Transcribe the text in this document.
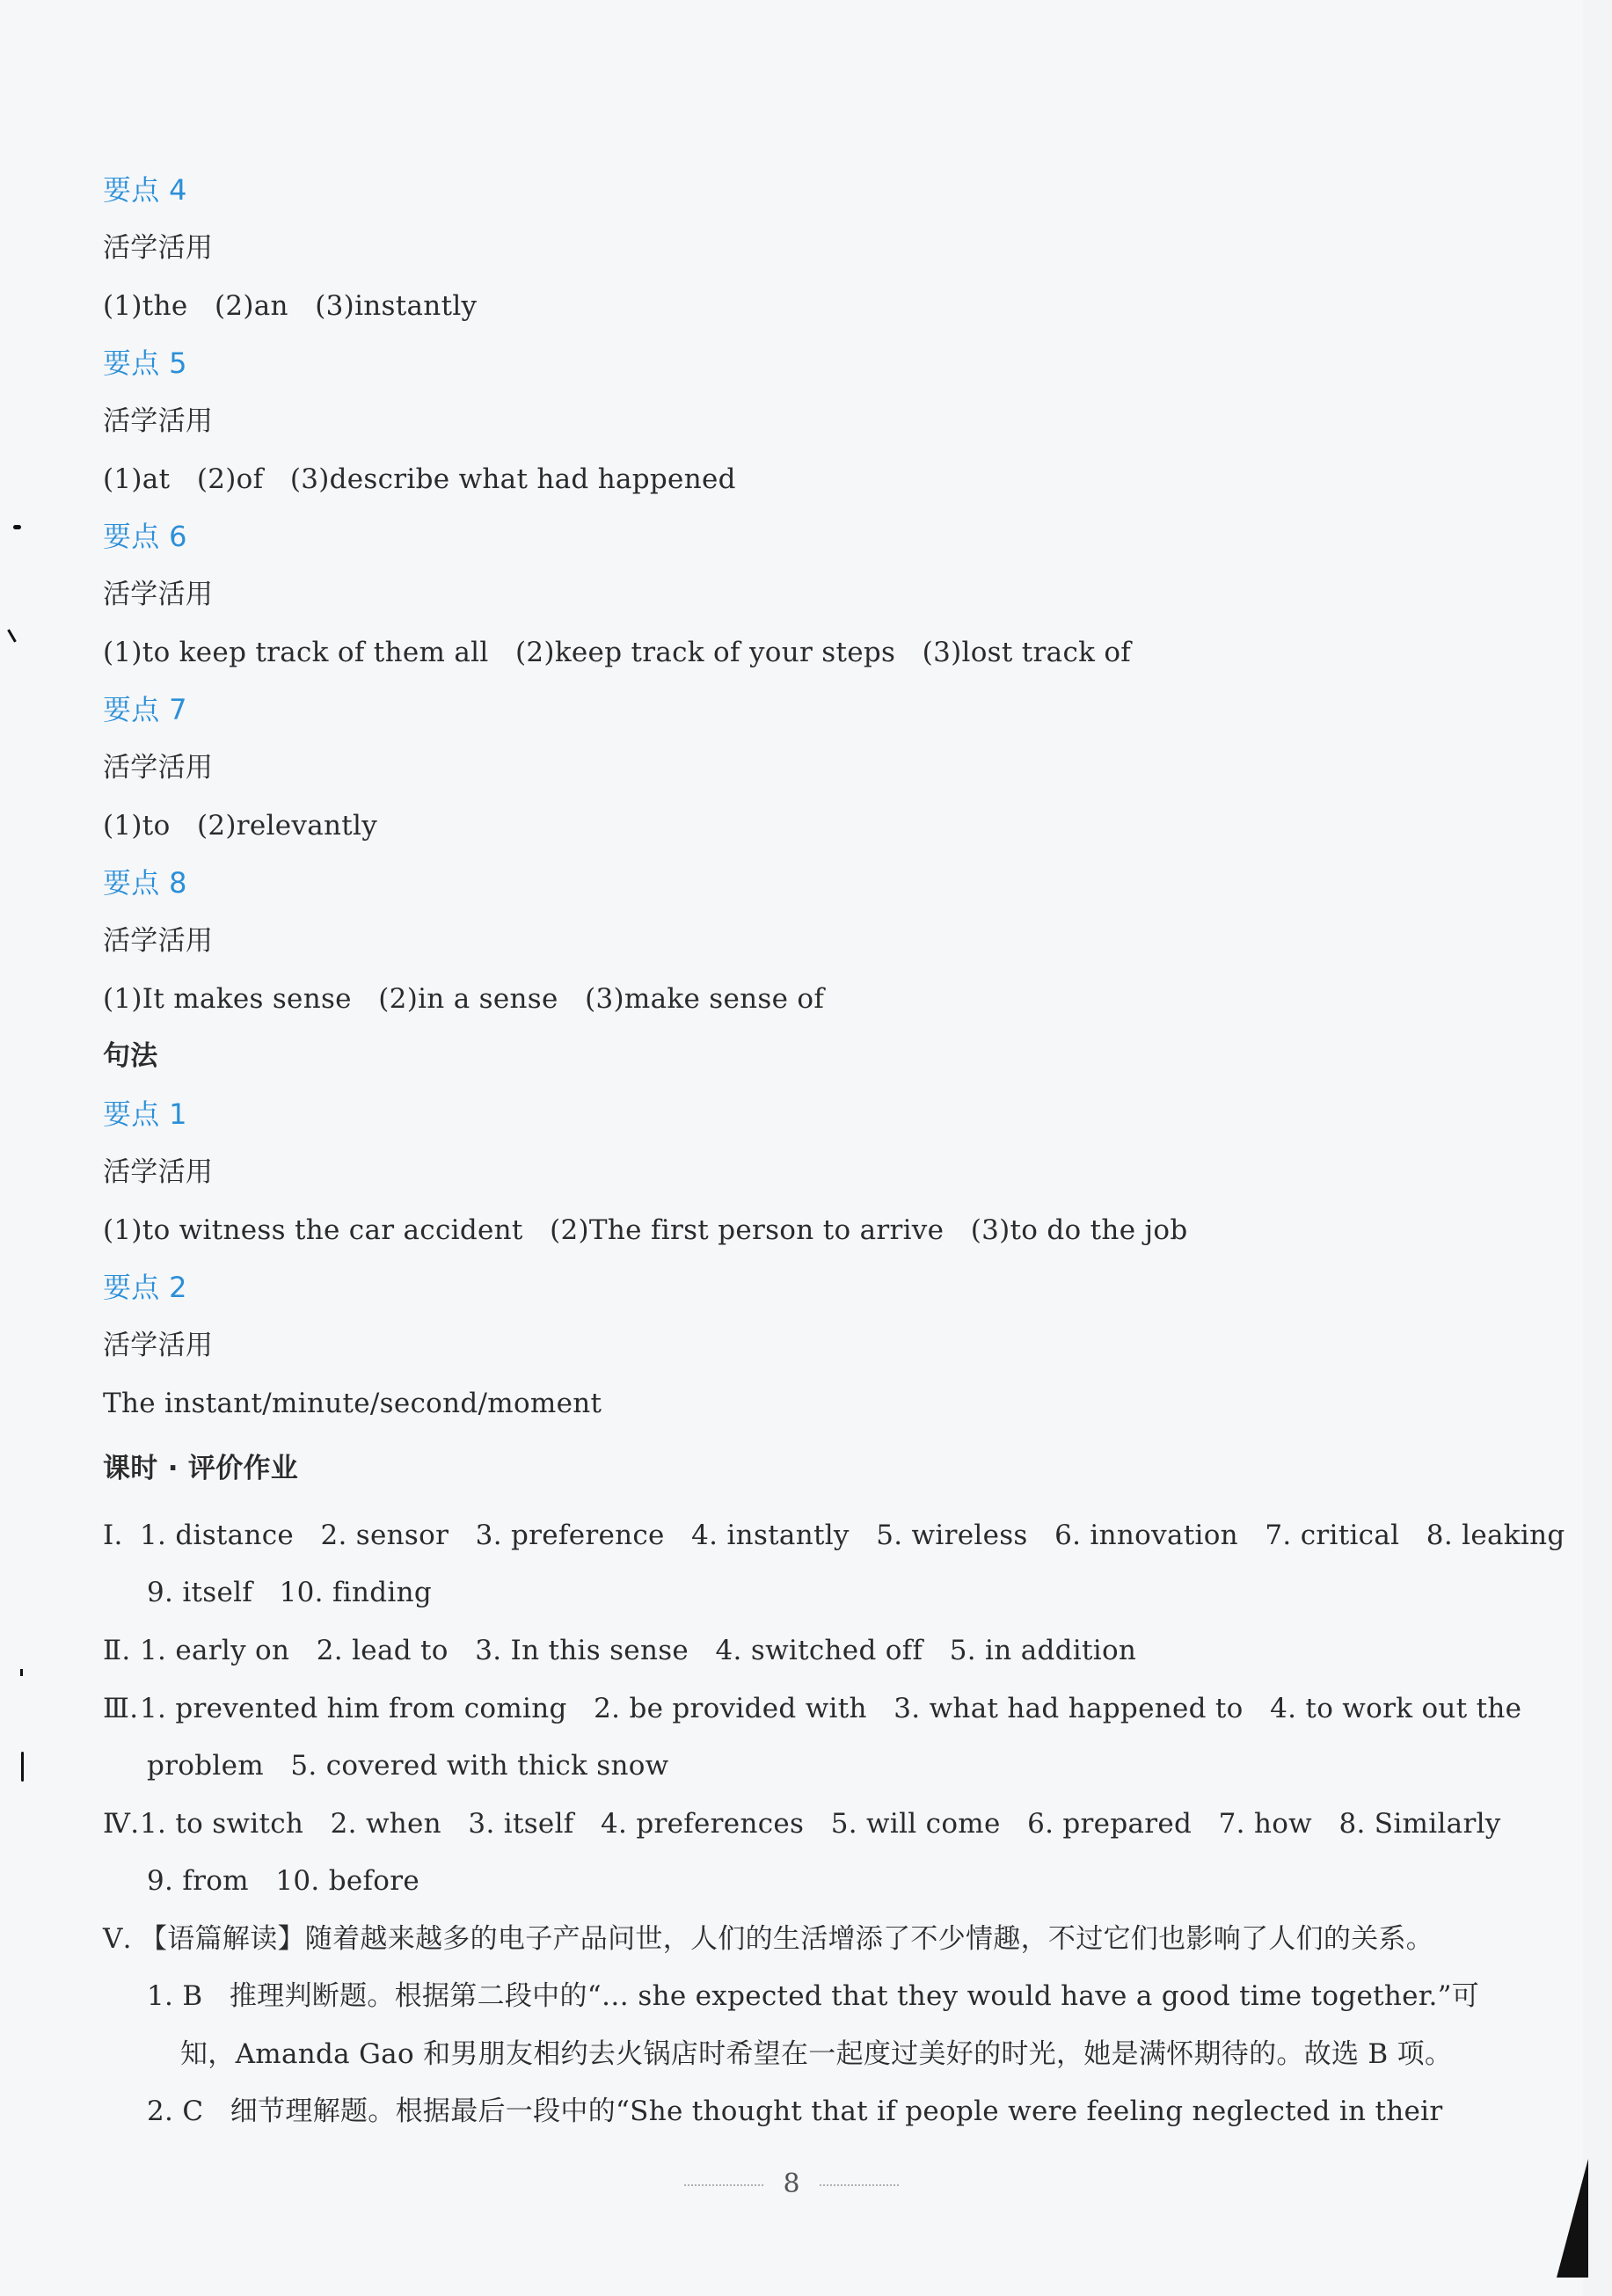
要点 4
活学活用
(1)the   (2)an   (3)instantly
要点 5
活学活用
(1)at   (2)of   (3)describe what had happened
要点 6
活学活用
(1)to keep track of them all   (2)keep track of your steps   (3)lost track of
要点 7
活学活用
(1)to   (2)relevantly
要点 8
活学活用
(1)It makes sense   (2)in a sense   (3)make sense of
句法
要点 1
活学活用
(1)to witness the car accident   (2)The first person to arrive   (3)to do the job
要点 2
活学活用
The instant/minute/second/moment
课时 · 评价作业
Ⅰ. 1. distance   2. sensor   3. preference   4. instantly   5. wireless   6. innovation   7. critical   8. leaking
9. itself   10. finding
Ⅱ. 1. early on   2. lead to   3. In this sense   4. switched off   5. in addition
Ⅲ.1. prevented him from coming   2. be provided with   3. what had happened to   4. to work out the
problem   5. covered with thick snow
Ⅳ.1. to switch   2. when   3. itself   4. preferences   5. will come   6. prepared   7. how   8. Similarly
9. from   10. before
Ⅴ. 【语篇解读】随着越来越多的电子产品问世，人们的生活增添了不少情趣，不过它们也影响了人们的关系。
1. B   推理判断题。根据第二段中的“… she expected that they would have a good time together.”可
知，Amanda Gao 和男朋友相约去火锅店时希望在一起度过美好的时光，她是满怀期待的。故选 B 项。
2. C   细节理解题。根据最后一段中的“She thought that if people were feeling neglected in their
8
